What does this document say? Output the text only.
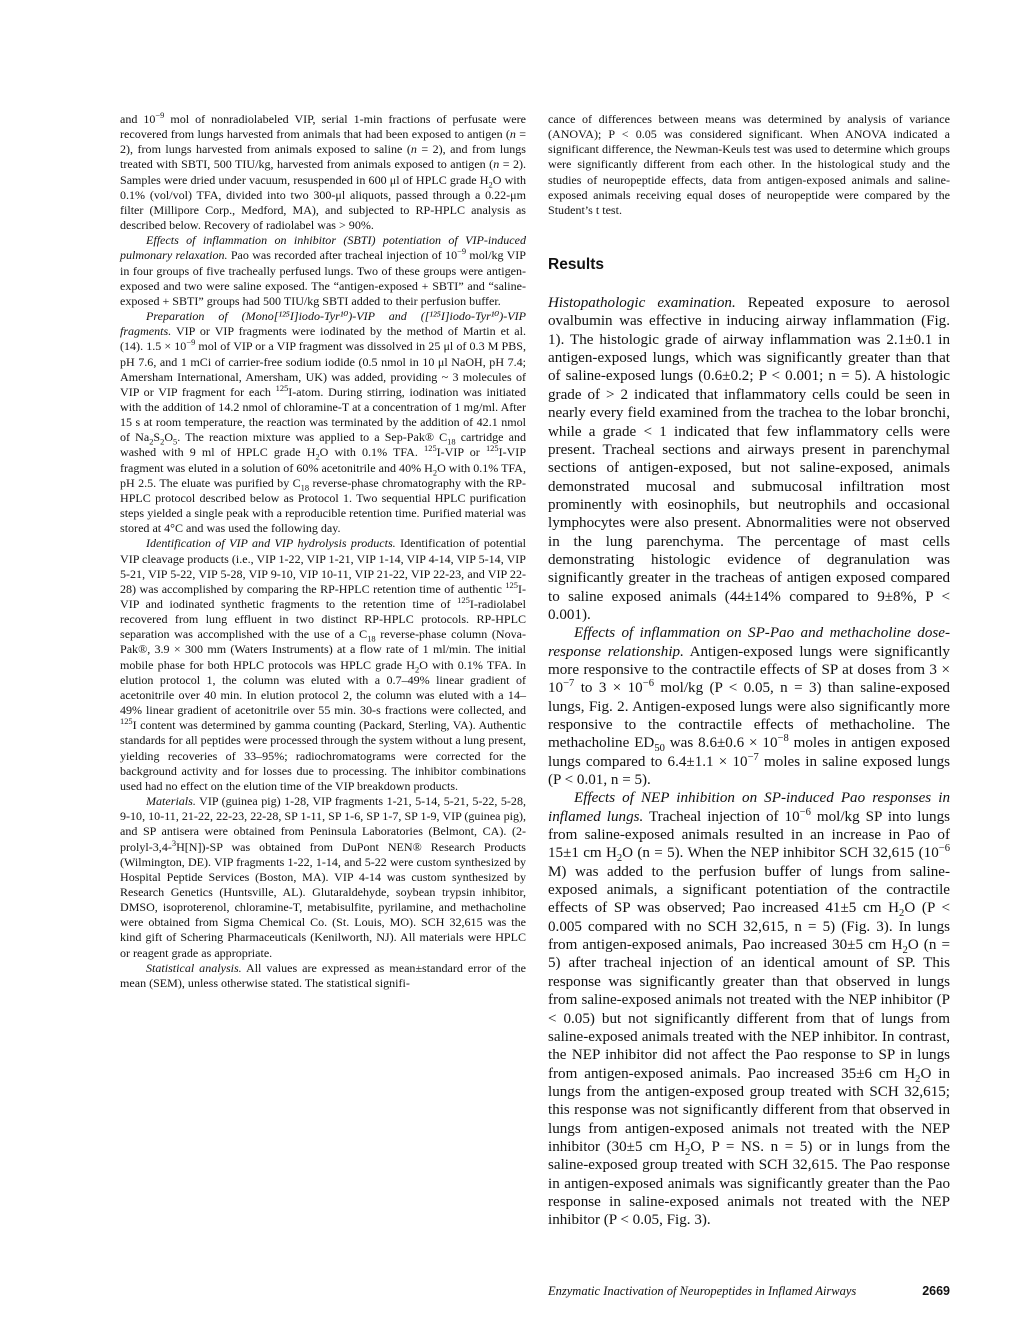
and $10^{-9}$ mol of nonradiolabeled VIP, serial 1-min fractions of perfusate were recovered from lungs harvested from animals that had been exposed to antigen (n = 2), from lungs harvested from animals exposed to saline (n = 2), and from lungs treated with SBTI, 500 TIU/kg, harvested from animals exposed to antigen (n = 2). Samples were dried under vacuum, resuspended in 600 μl of HPLC grade $H_2O$ with 0.1% (vol/vol) TFA, divided into two 300-μl aliquots, passed through a 0.22-μm filter (Millipore Corp., Medford, MA), and subjected to RP-HPLC analysis as described below. Recovery of radiolabel was > 90%.

Effects of inflammation on inhibitor (SBTI) potentiation of VIP-induced pulmonary relaxation. Pao was recorded after tracheal injection of $10^{-9}$ mol/kg VIP in four groups of five tracheally perfused lungs. Two of these groups were antigen-exposed and two were saline exposed. The “antigen-exposed + SBTI” and “saline-exposed + SBTI” groups had 500 TIU/kg SBTI added to their perfusion buffer.

Preparation of (Mono[¹²⁵I]iodo-Tyr¹⁰)-VIP and ([¹²⁵I]iodo-Tyr¹⁰)-VIP fragments. VIP or VIP fragments were iodinated by the method of Martin et al. (14). $1.5 \times 10^{-9}$ mol of VIP or a VIP fragment was dissolved in 25 μl of 0.3 M PBS, pH 7.6, and 1 mCi of carrier-free sodium iodide (0.5 nmol in 10 μl NaOH, pH 7.4; Amersham International, Amersham, UK) was added, providing ~ 3 molecules of VIP or VIP fragment for each $^{125}$I-atom. During stirring, iodination was initiated with the addition of 14.2 nmol of chloramine-T at a concentration of 1 mg/ml. After 15 s at room temperature, the reaction was terminated by the addition of 42.1 nmol of $Na_2S_2O_5$. The reaction mixture was applied to a Sep-Pak® $C_{18}$ cartridge and washed with 9 ml of HPLC grade $H_2O$ with 0.1% TFA. $^{125}$I-VIP or $^{125}$I-VIP fragment was eluted in a solution of 60% acetonitrile and 40% $H_2O$ with 0.1% TFA, pH 2.5. The eluate was purified by $C_{18}$ reverse-phase chromatography with the RP-HPLC protocol described below as Protocol 1. Two sequential HPLC purification steps yielded a single peak with a reproducible retention time. Purified material was stored at 4°C and was used the following day.

Identification of VIP and VIP hydrolysis products. Identification of potential VIP cleavage products (i.e., VIP 1-22, VIP 1-21, VIP 1-14, VIP 4-14, VIP 5-14, VIP 5-21, VIP 5-22, VIP 5-28, VIP 9-10, VIP 10-11, VIP 21-22, VIP 22-23, and VIP 22-28) was accomplished by comparing the RP-HPLC retention time of authentic $^{125}$I-VIP and iodinated synthetic fragments to the retention time of $^{125}$I-radiolabel recovered from lung effluent in two distinct RP-HPLC protocols. RP-HPLC separation was accomplished with the use of a $C_{18}$ reverse-phase column (Nova-Pak®, 3.9 × 300 mm (Waters Instruments) at a flow rate of 1 ml/min. The initial mobile phase for both HPLC protocols was HPLC grade $H_2O$ with 0.1% TFA. In elution protocol 1, the column was eluted with a 0.7–49% linear gradient of acetonitrile over 40 min. In elution protocol 2, the column was eluted with a 14–49% linear gradient of acetonitrile over 55 min. 30-s fractions were collected, and $^{125}$I content was determined by gamma counting (Packard, Sterling, VA). Authentic standards for all peptides were processed through the system without a lung present, yielding recoveries of 33–95%; radiochromatograms were corrected for the background activity and for losses due to processing. The inhibitor combinations used had no effect on the elution time of the VIP breakdown products.

Materials. VIP (guinea pig) 1-28, VIP fragments 1-21, 5-14, 5-21, 5-22, 5-28, 9-10, 10-11, 21-22, 22-23, 22-28, SP 1-11, SP 1-6, SP 1-7, SP 1-9, VIP (guinea pig), and SP antisera were obtained from Peninsula Laboratories (Belmont, CA). (2-prolyl-3,4-$^3$H[N])-SP was obtained from DuPont NEN® Research Products (Wilmington, DE). VIP fragments 1-22, 1-14, and 5-22 were custom synthesized by Hospital Peptide Services (Boston, MA). VIP 4-14 was custom synthesized by Research Genetics (Huntsville, AL). Glutaraldehyde, soybean trypsin inhibitor, DMSO, isoproterenol, chloramine-T, metabisulfite, pyrilamine, and methacholine were obtained from Sigma Chemical Co. (St. Louis, MO). SCH 32,615 was the kind gift of Schering Pharmaceuticals (Kenilworth, NJ). All materials were HPLC or reagent grade as appropriate.

Statistical analysis. All values are expressed as mean±standard error of the mean (SEM), unless otherwise stated. The statistical signifi-

cance of differences between means was determined by analysis of variance (ANOVA); P < 0.05 was considered significant. When ANOVA indicated a significant difference, the Newman-Keuls test was used to determine which groups were significantly different from each other. In the histological study and the studies of neuropeptide effects, data from antigen-exposed animals and saline-exposed animals receiving equal doses of neuropeptide were compared by the Student’s t test.

Results

Histopathologic examination. Repeated exposure to aerosol ovalbumin was effective in inducing airway inflammation (Fig. 1). The histologic grade of airway inflammation was 2.1±0.1 in antigen-exposed lungs, which was significantly greater than that of saline-exposed lungs (0.6±0.2; P < 0.001; n = 5). A histologic grade of > 2 indicated that inflammatory cells could be seen in nearly every field examined from the trachea to the lobar bronchi, while a grade < 1 indicated that few inflammatory cells were present. Tracheal sections and airways present in parenchymal sections of antigen-exposed, but not saline-exposed, animals demonstrated mucosal and submucosal infiltration most prominently with eosinophils, but neutrophils and occasional lymphocytes were also present. Abnormalities were not observed in the lung parenchyma. The percentage of mast cells demonstrating histologic evidence of degranulation was significantly greater in the tracheas of antigen exposed compared to saline exposed animals (44±14% compared to 9±8%, P < 0.001).

Effects of inflammation on SP-Pao and methacholine dose-response relationship. Antigen-exposed lungs were significantly more responsive to the contractile effects of SP at doses from $3 \times 10^{-7}$ to $3 \times 10^{-6}$ mol/kg (P < 0.05, n = 3) than saline-exposed lungs, Fig. 2. Antigen-exposed lungs were also significantly more responsive to the contractile effects of methacholine. The methacholine $ED_{50}$ was $8.6\pm 0.6 \times 10^{-8}$ moles in antigen exposed lungs compared to $6.4\pm 1.1 \times 10^{-7}$ moles in saline exposed lungs (P < 0.01, n = 5).

Effects of NEP inhibition on SP-induced Pao responses in inflamed lungs. Tracheal injection of $10^{-6}$ mol/kg SP into lungs from saline-exposed animals resulted in an increase in Pao of 15±1 cm $H_2O$ (n = 5). When the NEP inhibitor SCH 32,615 ($10^{-6}$ M) was added to the perfusion buffer of lungs from saline-exposed animals, a significant potentiation of the contractile effects of SP was observed; Pao increased 41±5 cm $H_2O$ (P < 0.005 compared with no SCH 32,615, n = 5) (Fig. 3). In lungs from antigen-exposed animals, Pao increased 30±5 cm $H_2O$ (n = 5) after tracheal injection of an identical amount of SP. This response was significantly greater than that observed in lungs from saline-exposed animals not treated with the NEP inhibitor (P < 0.05) but not significantly different from that of lungs from saline-exposed animals treated with the NEP inhibitor. In contrast, the NEP inhibitor did not affect the Pao response to SP in lungs from antigen-exposed animals. Pao increased 35±6 cm $H_2O$ in lungs from the antigen-exposed group treated with SCH 32,615; this response was not significantly different from that observed in lungs from antigen-exposed animals not treated with the NEP inhibitor (30±5 cm $H_2O$, P = NS. n = 5) or in lungs from the saline-exposed group treated with SCH 32,615. The Pao response in antigen-exposed animals was significantly greater than the Pao response in saline-exposed animals not treated with the NEP inhibitor (P < 0.05, Fig. 3).

Enzymatic Inactivation of Neuropeptides in Inflamed Airways	2669
